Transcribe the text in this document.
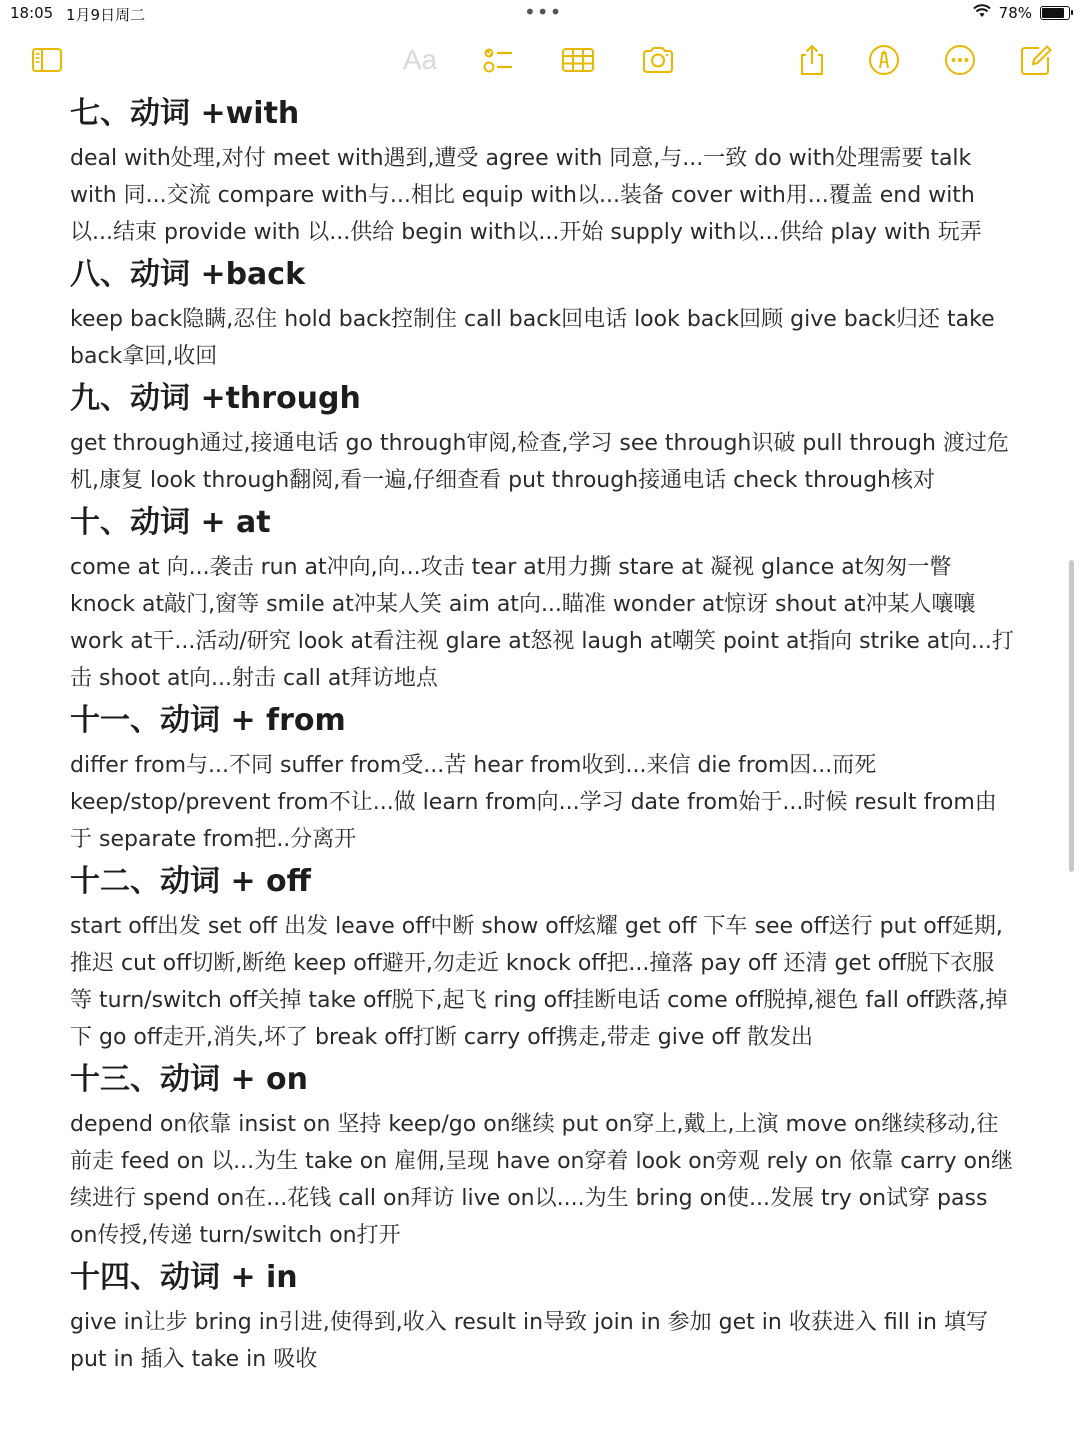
18:05 1月9日周二	•••	78%
Aa
七、动词 +with

deal with处理,对付 meet with遇到,遭受 agree with 同意,与...一致 do with处理需要 talk with 同...交流 compare with与...相比 equip with以...装备 cover with用...覆盖 end with以...结束 provide with 以...供给 begin with以...开始 supply with以...供给 play with 玩弄

八、动词 +back

keep back隐瞒,忍住 hold back控制住 call back回电话 look back回顾 give back归还 take back拿回,收回

九、动词 +through

get through通过,接通电话 go through审阅,检查,学习 see through识破 pull through 渡过危机,康复 look through翻阅,看一遍,仔细查看 put through接通电话 check through核对

十、动词 + at

come at 向...袭击 run at冲向,向...攻击 tear at用力撕 stare at 凝视 glance at匆匆一瞥 knock at敲门,窗等 smile at冲某人笑 aim at向...瞄准 wonder at惊讶 shout at冲某人嚷嚷 work at干...活动/研究 look at看注视 glare at怒视 laugh at嘲笑 point at指向 strike at向...打击 shoot at向...射击 call at拜访地点

十一、动词 + from

differ from与...不同 suffer from受...苦 hear from收到...来信 die from因...而死 keep/stop/prevent from不让...做 learn from向...学习 date from始于...时候 result from由于 separate from把..分离开

十二、动词 + off

start off出发 set off 出发 leave off中断 show off炫耀 get off 下车 see off送行 put off延期,推迟 cut off切断,断绝 keep off避开,勿走近 knock off把...撞落 pay off 还清 get off脱下衣服等 turn/switch off关掉 take off脱下,起飞 ring off挂断电话 come off脱掉,褪色 fall off跌落,掉下 go off走开,消失,坏了 break off打断 carry off携走,带走 give off 散发出

十三、动词 + on

depend on依靠 insist on 坚持 keep/go on继续 put on穿上,戴上,上演 move on继续移动,往前走 feed on 以...为生 take on 雇佣,呈现 have on穿着 look on旁观 rely on 依靠 carry on继续进行 spend on在...花钱 call on拜访 live on以....为生 bring on使...发展 try on试穿 pass on传授,传递 turn/switch on打开

十四、动词 + in

give in让步 bring in引进,使得到,收入 result in导致 join in 参加 get in 收获进入 fill in 填写 put in 插入 take in 吸收
